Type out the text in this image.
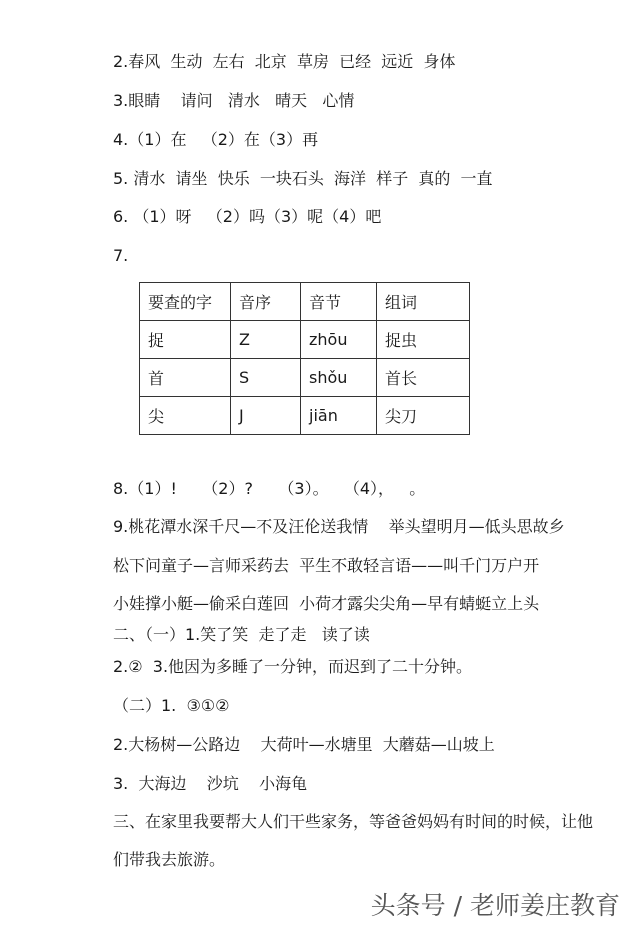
2.春风  生动  左右  北京  草房  已经  远近  身体
3.眼睛    请问   清水   晴天   心情
4.（1）在   （2）在（3）再
5. 清水  请坐  快乐  一块石头  海洋  样子  真的  一直
6. （1）呀   （2）吗（3）呢（4）吧
7.
要查的字	音序	音节	组词
捉	Z	zhōu	捉虫
首	S	shǒu	首长
尖	J	jiān	尖刀
8.（1）!     （2）?     （3）。   （4），   。
9.桃花潭水深千尺—不及汪伦送我情    举头望明月—低头思故乡
松下问童子—言师采药去  平生不敢轻言语——叫千门万户开
小娃撑小艇—偷采白莲回  小荷才露尖尖角—早有蜻蜓立上头
二、（一）1.笑了笑  走了走   读了读
2.②  3.他因为多睡了一分钟，而迟到了二十分钟。
（二）1.  ③①②
2.大杨树—公路边    大荷叶—水塘里  大蘑菇—山坡上
3.  大海边    沙坑    小海龟
三、在家里我要帮大人们干些家务，等爸爸妈妈有时间的时候，让他
们带我去旅游。
头条号 / 老师姜庄教育
